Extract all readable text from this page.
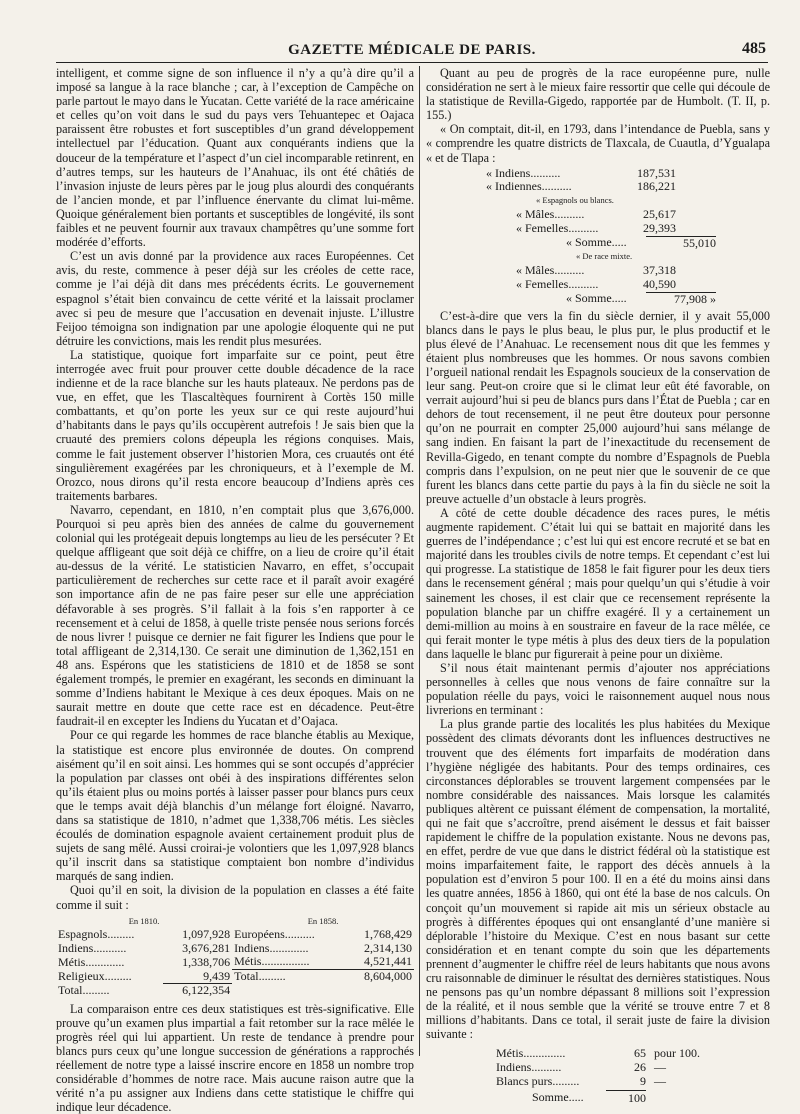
GAZETTE MÉDICALE DE PARIS.	485

intelligent, et comme signe de son influence il n’y a qu’à dire qu’il a imposé sa langue à la race blanche ; car, à l’exception de Campêche on parle partout le mayo dans le Yucatan. Cette variété de la race américaine et celles qu’on voit dans le sud du pays vers Tehuantepec et Oajaca paraissent être robustes et fort susceptibles d’un grand développement intellectuel par l’éducation. Quant aux conquérants indiens que la douceur de la température et l’aspect d’un ciel incomparable retinrent, en d’autres temps, sur les hauteurs de l’Anahuac, ils ont été châtiés de l’invasion injuste de leurs pères par le joug plus alourdi des conquérants de l’ancien monde, et par l’influence énervante du climat lui-même. Quoique généralement bien portants et susceptibles de longévité, ils sont faibles et ne peuvent fournir aux travaux champêtres qu’une somme fort modérée d’efforts.

C’est un avis donné par la providence aux races Européennes. Cet avis, du reste, commence à peser déjà sur les créoles de cette race, comme je l’ai déjà dit dans mes précédents écrits. Le gouvernement espagnol s’était bien convaincu de cette vérité et la laissait proclamer avec si peu de mesure que l’accusation en devenait injuste. L’illustre Feijoo témoigna son indignation par une apologie éloquente qui ne put détruire les convictions, mais les rendit plus mesurées.

La statistique, quoique fort imparfaite sur ce point, peut être interrogée avec fruit pour prouver cette double décadence de la race indienne et de la race blanche sur les hauts plateaux. Ne perdons pas de vue, en effet, que les Tlascaltèques fournirent à Cortès 150 mille combattants, et qu’on porte les yeux sur ce qui reste aujourd’hui d’habitants dans le pays qu’ils occupèrent autrefois ! Je sais bien que la cruauté des premiers colons dépeupla les régions conquises. Mais, comme le fait justement observer l’historien Mora, ces cruautés ont été singulièrement exagérées par les chroniqueurs, et à l’exemple de M. Orozco, nous dirons qu’il resta encore beaucoup d’Indiens après ces traitements barbares.

Navarro, cependant, en 1810, n’en comptait plus que 3,676,000. Pourquoi si peu après bien des années de calme du gouvernement colonial qui les protégeait depuis longtemps au lieu de les persécuter ? Et quelque affligeant que soit déjà ce chiffre, on a lieu de croire qu’il était au-dessus de la vérité. Le statisticien Navarro, en effet, s’occupait particulièrement de recherches sur cette race et il paraît avoir exagéré son importance afin de ne pas faire peser sur elle une appréciation défavorable à ses progrès. S’il fallait à la fois s’en rapporter à ce recensement et à celui de 1858, à quelle triste pensée nous serions forcés de nous livrer ! puisque ce dernier ne fait figurer les Indiens que pour le total affligeant de 2,314,130. Ce serait une diminution de 1,362,151 en 48 ans. Espérons que les statisticiens de 1810 et de 1858 se sont également trompés, le premier en exagérant, les seconds en diminuant la somme d’Indiens habitant le Mexique à ces deux époques. Mais on ne saurait mettre en doute que cette race est en décadence. Peut-être faudrait-il en excepter les Indiens du Yucatan et d’Oajaca.

Pour ce qui regarde les hommes de race blanche établis au Mexique, la statistique est encore plus environnée de doutes. On comprend aisément qu’il en soit ainsi. Les hommes qui se sont occupés d’apprécier la population par classes ont obéi à des inspirations différentes selon qu’ils étaient plus ou moins portés à laisser passer pour blancs purs ceux que le temps avait déjà blanchis d’un mélange fort éloigné. Navarro, dans sa statistique de 1810, n’admet que 1,338,706 métis. Les siècles écoulés de domination espagnole avaient certainement produit plus de sujets de sang mêlé. Aussi croirai-je volontiers que les 1,097,928 blancs qu’il inscrit dans sa statistique comptaient bon nombre d’individus marqués de sang indien.

Quoi qu’il en soit, la division de la population en classes a été faite comme il suit :

En 1810.		En 1858.	
Espagnols.........	1,097,928	Européens..........	1,768,429
Indiens...........	3,676,281	Indiens.............	2,314,130
Métis.............	1,338,706	Métis................	4,521,441
Religieux.........	9,439	Total.........	8,604,000
Total.........	6,122,354		

La comparaison entre ces deux statistiques est très-significative. Elle prouve qu’un examen plus impartial a fait retomber sur la race mêlée le progrès réel qui lui appartient. Un reste de tendance à prendre pour blancs purs ceux qu’une longue succession de générations a rapprochés réellement de notre type a laissé inscrire encore en 1858 un nombre trop considérable d’hommes de notre race. Mais aucune raison autre que la vérité n’a pu assigner aux Indiens dans cette statistique le chiffre qui indique leur décadence.

Quant au peu de progrès de la race européenne pure, nulle considération ne sert à le mieux faire ressortir que celle qui découle de la statistique de Revilla-Gigedo, rapportée par de Humbolt. (T. II, p. 155.)

« On comptait, dit-il, en 1793, dans l’intendance de Puebla, sans y « comprendre les quatre districts de Tlaxcala, de Cuautla, d’Ygualapa « et de Tlapa :

« Indiens..........	187,531
« Indiennes..........	186,221
« Espagnols ou blancs.
« Mâles..........	25,617
« Femelles..........	29,393
« Somme.....	55,010
« De race mixte.
« Mâles..........	37,318
« Femelles..........	40,590
« Somme.....	77,908 »

C’est-à-dire que vers la fin du siècle dernier, il y avait 55,000 blancs dans le pays le plus beau, le plus pur, le plus productif et le plus élevé de l’Anahuac. Le recensement nous dit que les femmes y étaient plus nombreuses que les hommes. Or nous savons combien l’orgueil national rendait les Espagnols soucieux de la conservation de leur sang. Peut-on croire que si le climat leur eût été favorable, on verrait aujourd’hui si peu de blancs purs dans l’État de Puebla ; car en dehors de tout recensement, il ne peut être douteux pour personne qu’on ne pourrait en compter 25,000 aujourd’hui sans mélange de sang indien. En faisant la part de l’inexactitude du recensement de Revilla-Gigedo, en tenant compte du nombre d’Espagnols de Puebla compris dans l’expulsion, on ne peut nier que le souvenir de ce que furent les blancs dans cette partie du pays à la fin du siècle ne soit la preuve actuelle d’un obstacle à leurs progrès.

A côté de cette double décadence des races pures, le métis augmente rapidement. C’était lui qui se battait en majorité dans les guerres de l’indépendance ; c’est lui qui est encore recruté et se bat en majorité dans les troubles civils de notre temps. Et cependant c’est lui qui progresse. La statistique de 1858 le fait figurer pour les deux tiers dans le recensement général ; mais pour quelqu’un qui s’étudie à voir sainement les choses, il est clair que ce recensement représente la population blanche par un chiffre exagéré. Il y a certainement un demi-million au moins à en soustraire en faveur de la race mêlée, ce qui ferait monter le type métis à plus des deux tiers de la population dans laquelle le blanc pur figurerait à peine pour un dixième.

S’il nous était maintenant permis d’ajouter nos appréciations personnelles à celles que nous venons de faire connaître sur la population réelle du pays, voici le raisonnement auquel nous nous livrerions en terminant :

La plus grande partie des localités les plus habitées du Mexique possèdent des climats dévorants dont les influences destructives ne trouvent que des éléments fort imparfaits de modération dans l’hygiène négligée des habitants. Pour des temps ordinaires, ces circonstances déplorables se trouvent largement compensées par le nombre considérable des naissances. Mais lorsque les calamités publiques altèrent ce puissant élément de compensation, la mortalité, qui ne fait que s’accroître, prend aisément le dessus et fait baisser rapidement le chiffre de la population existante. Nous ne devons pas, en effet, perdre de vue que dans le district fédéral où la statistique est moins imparfaitement faite, le rapport des décès annuels à la population est d’environ 5 pour 100. Il en a été du moins ainsi dans les quatre années, 1856 à 1860, qui ont été la base de nos calculs. On conçoit qu’un mouvement si rapide ait mis un sérieux obstacle au progrès à différentes époques qui ont ensanglanté d’une manière si déplorable l’histoire du Mexique. C’est en nous basant sur cette considération et en tenant compte du soin que les départements prennent d’augmenter le chiffre réel de leurs habitants que nous avons cru raisonnable de diminuer le résultat des dernières statistiques. Nous ne pensons pas qu’un nombre dépassant 8 millions soit l’expression de la réalité, et il nous semble que la vérité se trouve entre 7 et 8 millions d’habitants. Dans ce total, il serait juste de faire la division suivante :

Métis..............	65 pour 100.
Indiens..........	26 —
Blancs purs.........	9 —
Somme.....	100
